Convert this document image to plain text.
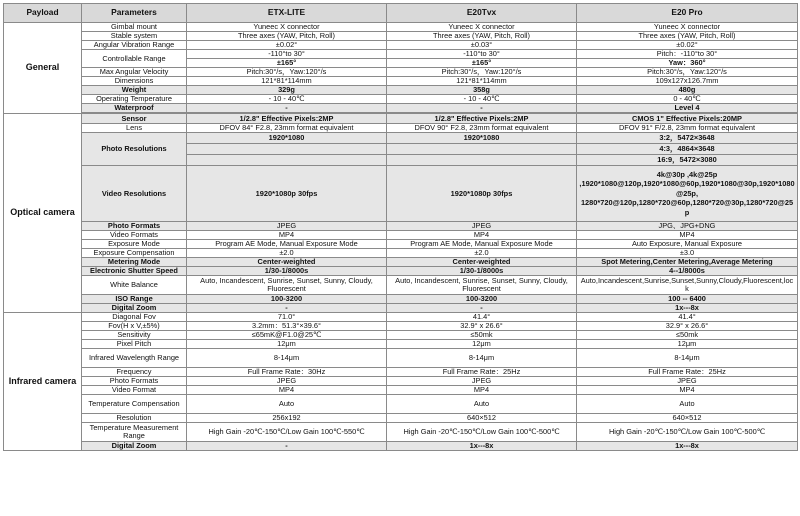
Payload	Parameters	ETX-LITE	E20Tvx	E20 Pro
General	Gimbal mount	Yuneec X connector	Yuneec X connector	Yuneec X connector
	Stable system	Three axes (YAW, Pitch, Roll)	Three axes (YAW, Pitch, Roll)	Three axes (YAW, Pitch, Roll)
	Angular Vibration Range	±0.02°	±0.03°	±0.02°
	Controllable Range	-110°to 30°	-110°to 30°	Pitch：-110°to 30°
		±165°	±165°	Yaw：360°
	Max Angular Velocity	Pitch:30°/s，Yaw:120°/s	Pitch:30°/s，Yaw:120°/s	Pitch:30°/s，Yaw:120°/s
	Dimensions	121*81*114mm	121*81*114mm	109x127x126.7mm
	Weight	329g	358g	480g
	Operating Temperature	- 10 - 40℃	- 10 - 40℃	0 - 40℃
	Waterproof	-	-	Level 4

Optical camera	Sensor	1/2.8" Effective Pixels:2MP	1/2.8" Effective Pixels:2MP	CMOS 1" Effective Pixels:20MP
	Lens	DFOV 84° F2.8, 23mm format equivalent	DFOV 90° F2.8, 23mm format equivalent	DFOV 91° F/2.8, 23mm format equivalent
	Photo Resolutions	1920*1080	1920*1080	3:2，5472×3648
				4:3，4864×3648
				16:9，5472×3080
	Video Resolutions	1920*1080p 30fps	1920*1080p 30fps	4k@30p ,4k@25p ,1920*1080@120p,1920*1080@60p,1920*1080@30p,1920*1080@25p, 1280*720@120p,1280*720@60p,1280*720@30p,1280*720@25p
	Photo Formats	JPEG	JPEG	JPG、JPG+DNG
	Video Formats	MP4	MP4	MP4
	Exposure Mode	Program AE Mode, Manual Exposure Mode	Program AE Mode, Manual Exposure Mode	Auto Exposure, Manual Exposure
	Exposure Compensation	±2.0	±2.0	±3.0
	Metering Mode	Center-weighted	Center-weighted	Spot Metering,Center Metering,Average Metering
	Electronic Shutter Speed	1/30-1/8000s	1/30-1/8000s	4--1/8000s
	White Balance	Auto, Incandescent, Sunrise, Sunset, Sunny, Cloudy, Fluorescent	Auto, Incandescent, Sunrise, Sunset, Sunny, Cloudy, Fluorescent	Auto,Incandescent,Sunrise,Sunset,Sunny,Cloudy,Fluorescent,lock
	ISO Range	100-3200	100-3200	100 -- 6400
	Digital Zoom	-	-	1x---8x
Infrared camera	Diagonal Fov	71.0°	41.4°	41.4°
	Fov(H x V,±5%)	3.2mm：51.3°×39.6°	32.9° x 26.6°	32.9° x 26.6°
	Sensitivity	≤65mK@F1.0@25℃	≤50mk	≤50mk
	Pixel Pitch	12μm	12μm	12μm
	Infrared Wavelength Range	8-14μm	8-14μm	8-14μm
	Frequency	Full Frame Rate：30Hz	Full Frame Rate：25Hz	Full Frame Rate：25Hz
	Photo Formats	JPEG	JPEG	JPEG
	Video Format	MP4	MP4	MP4
	Temperature Compensation	Auto	Auto	Auto
	Resolution	256x192	640×512	640×512
	Temperature Measurement Range	High Gain -20℃-150℃/Low Gain 100℃-550℃	High Gain -20℃-150℃/Low Gain 100℃-500℃	High Gain -20℃-150℃/Low Gain 100℃-500℃
	Digital Zoom	-	1x---8x	1x---8x
